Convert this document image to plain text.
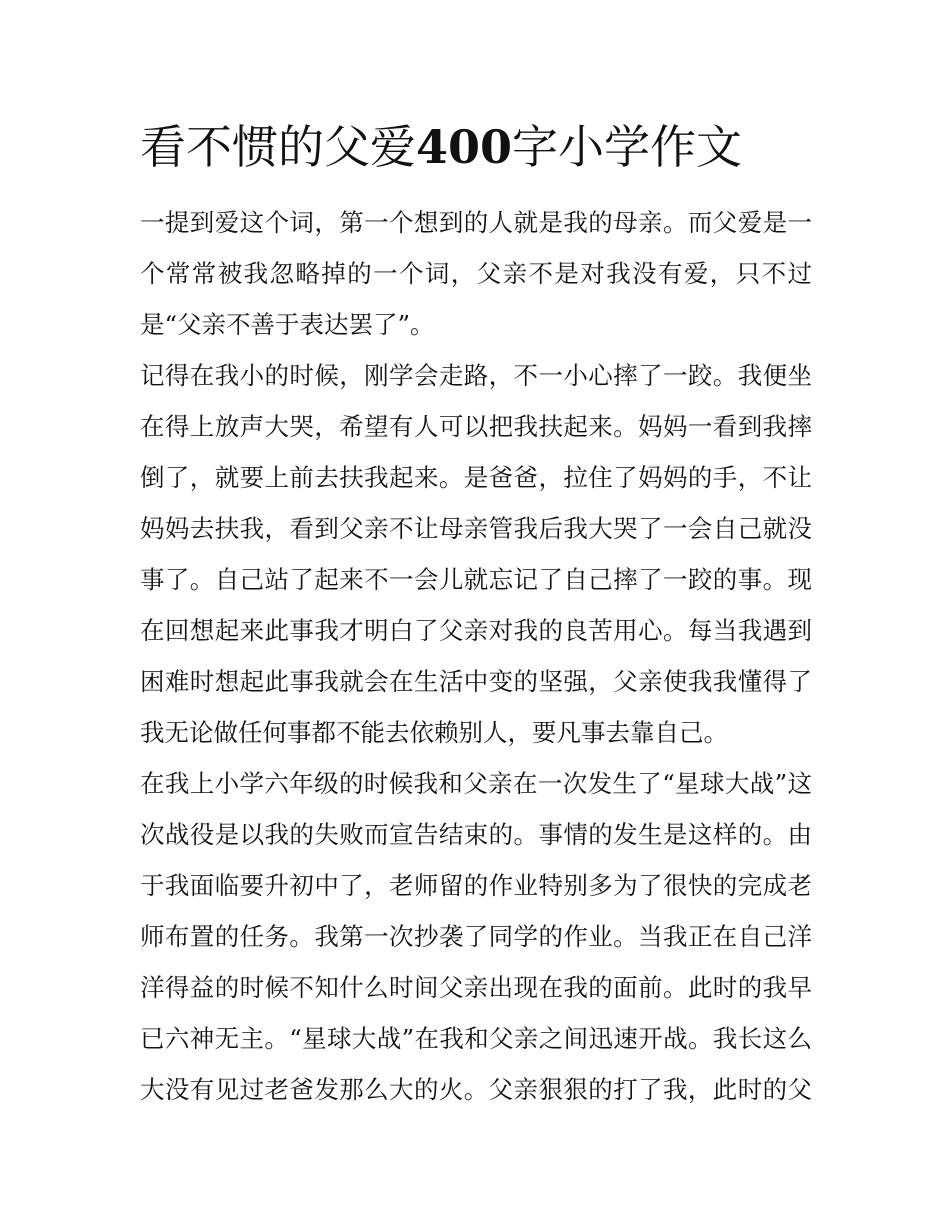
看不惯的父爱400字小学作文
一提到爱这个词，第一个想到的人就是我的母亲。而父爱是一
个常常被我忽略掉的一个词，父亲不是对我没有爱，只不过
是“父亲不善于表达罢了”。
记得在我小的时候，刚学会走路，不一小心摔了一跤。我便坐
在得上放声大哭，希望有人可以把我扶起来。妈妈一看到我摔
倒了，就要上前去扶我起来。是爸爸，拉住了妈妈的手，不让
妈妈去扶我，看到父亲不让母亲管我后我大哭了一会自己就没
事了。自己站了起来不一会儿就忘记了自己摔了一跤的事。现
在回想起来此事我才明白了父亲对我的良苦用心。每当我遇到
困难时想起此事我就会在生活中变的坚强，父亲使我我懂得了
我无论做任何事都不能去依赖别人，要凡事去靠自己。
在我上小学六年级的时候我和父亲在一次发生了“星球大战”这
次战役是以我的失败而宣告结束的。事情的发生是这样的。由
于我面临要升初中了，老师留的作业特别多为了很快的完成老
师布置的任务。我第一次抄袭了同学的作业。当我正在自己洋
洋得益的时候不知什么时间父亲出现在我的面前。此时的我早
已六神无主。“星球大战”在我和父亲之间迅速开战。我长这么
大没有见过老爸发那么大的火。父亲狠狠的打了我，此时的父
